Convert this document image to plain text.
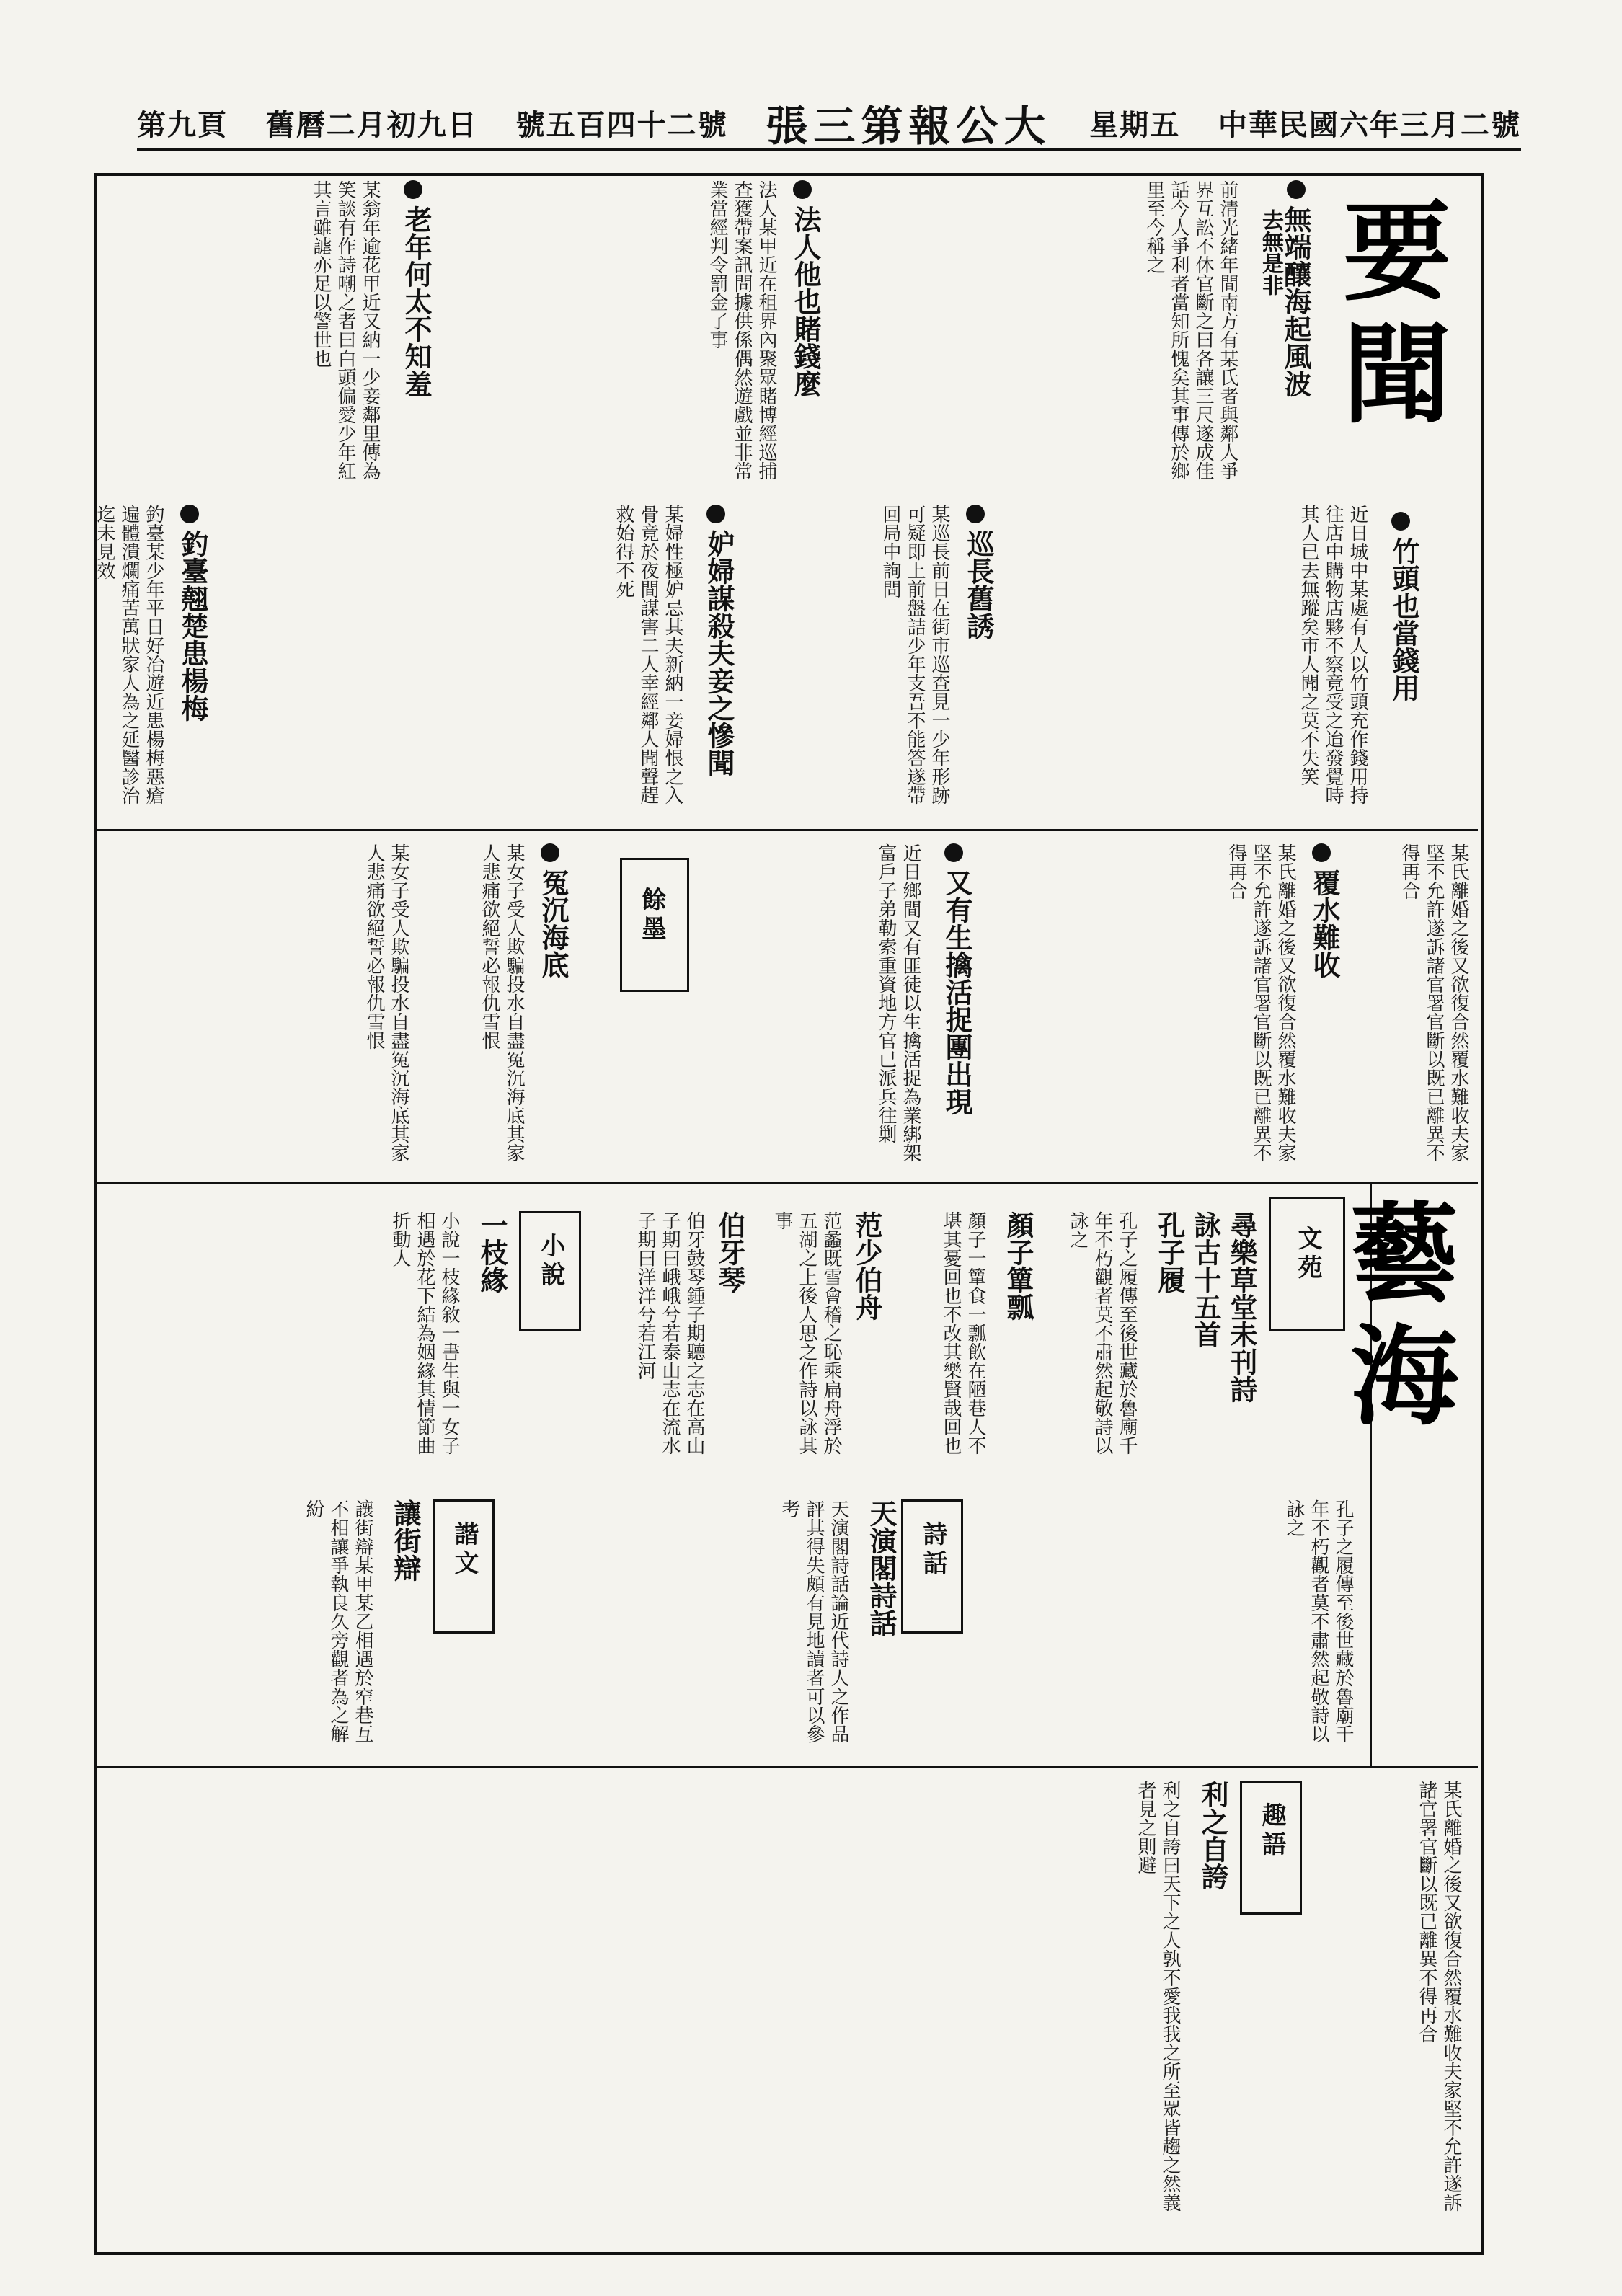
第九頁 舊曆二月初九日 號五百四十二號 張三第報公大 星期五 中華民國六年三月二號
要聞
藝海
無端釀海起風波
去無是非
前清光緒年間南方有某氏者與鄰人爭界互訟不休官斷之曰各讓三尺遂成佳話今人爭利者當知所愧矣其事傳於鄉里至今稱之
竹頭也當錢用
近日城中某處有人以竹頭充作錢用持往店中購物店夥不察竟受之迨發覺時其人已去無蹤矣市人聞之莫不失笑
法人他也賭錢麼
法人某甲近在租界內聚眾賭博經巡捕查獲帶案訊問據供係偶然遊戲並非常業當經判令罰金了事
老年何太不知羞
某翁年逾花甲近又納一少妾鄰里傳為笑談有作詩嘲之者曰白頭偏愛少年紅其言雖謔亦足以警世也
巡長舊誘
某巡長前日在街市巡查見一少年形跡可疑即上前盤詰少年支吾不能答遂帶回局中詢問
妒婦謀殺夫妾之慘聞
某婦性極妒忌其夫新納一妾婦恨之入骨竟於夜間謀害二人幸經鄰人聞聲趕救始得不死
釣臺翹楚患楊梅
釣臺某少年平日好冶遊近患楊梅惡瘡遍體潰爛痛苦萬狀家人為之延醫診治迄未見效
某氏離婚之後又欲復合然覆水難收夫家堅不允許遂訴諸官署官斷以既已離異不得再合
覆水難收
某氏離婚之後又欲復合然覆水難收夫家堅不允許遂訴諸官署官斷以既已離異不得再合
又有生擒活捉團出現
近日鄉間又有匪徒以生擒活捉為業綁架富戶子弟勒索重資地方官已派兵往剿
冤沉海底
某女子受人欺騙投水自盡冤沉海底其家人悲痛欲絕誓必報仇雪恨	餘墨
某女子受人欺騙投水自盡冤沉海底其家人悲痛欲絕誓必報仇雪恨
文苑
尋樂草堂未刊詩
詠古十五首
孔子履
孔子之履傳至後世藏於魯廟千年不朽觀者莫不肅然起敬詩以詠之
顏子簞瓢
顏子一簞食一瓢飲在陋巷人不堪其憂回也不改其樂賢哉回也
范少伯舟
范蠡既雪會稽之恥乘扁舟浮於五湖之上後人思之作詩以詠其事
伯牙琴
伯牙鼓琴鍾子期聽之志在高山子期曰峨峨兮若泰山志在流水子期曰洋洋兮若江河
小說
一枝緣
小說一枝緣敘一書生與一女子相遇於花下結為姻緣其情節曲折動人
詩話
天演閣詩話
天演閣詩話論近代詩人之作品評其得失頗有見地讀者可以參考	孔子之履傳至後世藏於魯廟千年不朽觀者莫不肅然起敬詩以詠之
諧文
讓街辯
讓街辯某甲某乙相遇於窄巷互不相讓爭執良久旁觀者為之解紛
趣語
利之自誇
利之自誇曰天下之人孰不愛我我之所至眾皆趨之然義者見之則避	某氏離婚之後又欲復合然覆水難收夫家堅不允許遂訴諸官署官斷以既已離異不得再合
